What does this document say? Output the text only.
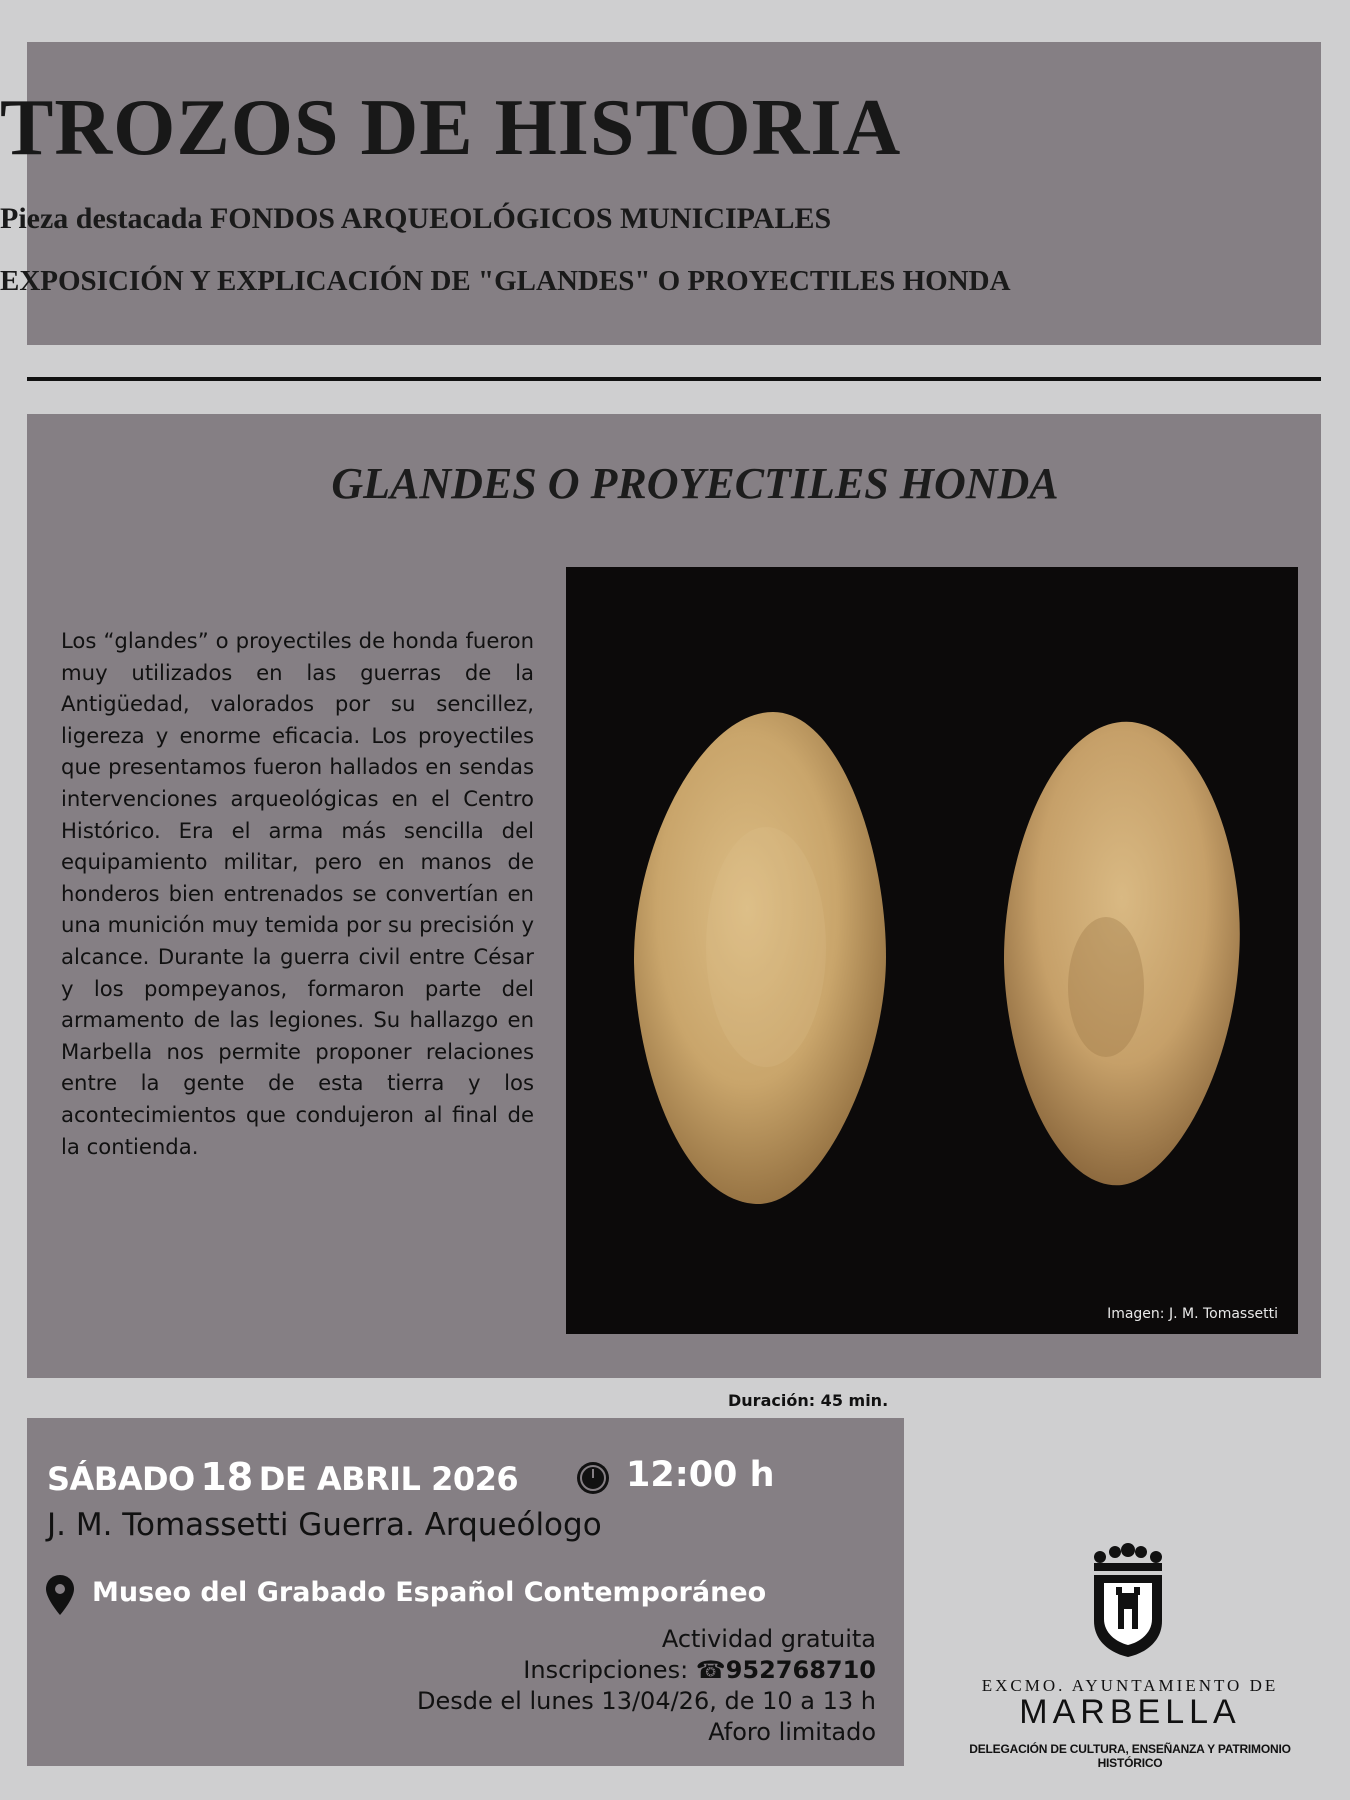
TROZOS DE HISTORIA
Pieza destacada FONDOS ARQUEOLÓGICOS MUNICIPALES
EXPOSICIÓN Y EXPLICACIÓN DE "GLANDES" O PROYECTILES HONDA
GLANDES O PROYECTILES HONDA
Los “glandes” o proyectiles de honda fueron muy utilizados en las guerras de la Antigüedad, valorados por su sencillez, ligereza y enorme eficacia. Los proyectiles que presentamos fueron hallados en sendas intervenciones arqueológicas en el Centro Histórico. Era el arma más sencilla del equipamiento militar, pero en manos de honderos bien entrenados se convertían en una munición muy temida por su precisión y alcance. Durante la guerra civil entre César y los pompeyanos, formaron parte del armamento de las legiones. Su hallazgo en Marbella nos permite proponer relaciones entre la gente de esta tierra y los acontecimientos que condujeron al final de la contienda.
Imagen: J. M. Tomassetti
Duración: 45 min.
SÁBADO 18 DE ABRIL 2026	12:00 h
J. M. Tomassetti Guerra. Arqueólogo
Museo del Grabado Español Contemporáneo
Actividad gratuita
Inscripciones: ☎952768710
Desde el lunes 13/04/26, de 10 a 13 h
Aforo limitado
EXCMO. AYUNTAMIENTO DE
MARBELLA
DELEGACIÓN DE CULTURA, ENSEÑANZA Y PATRIMONIO HISTÓRICO
